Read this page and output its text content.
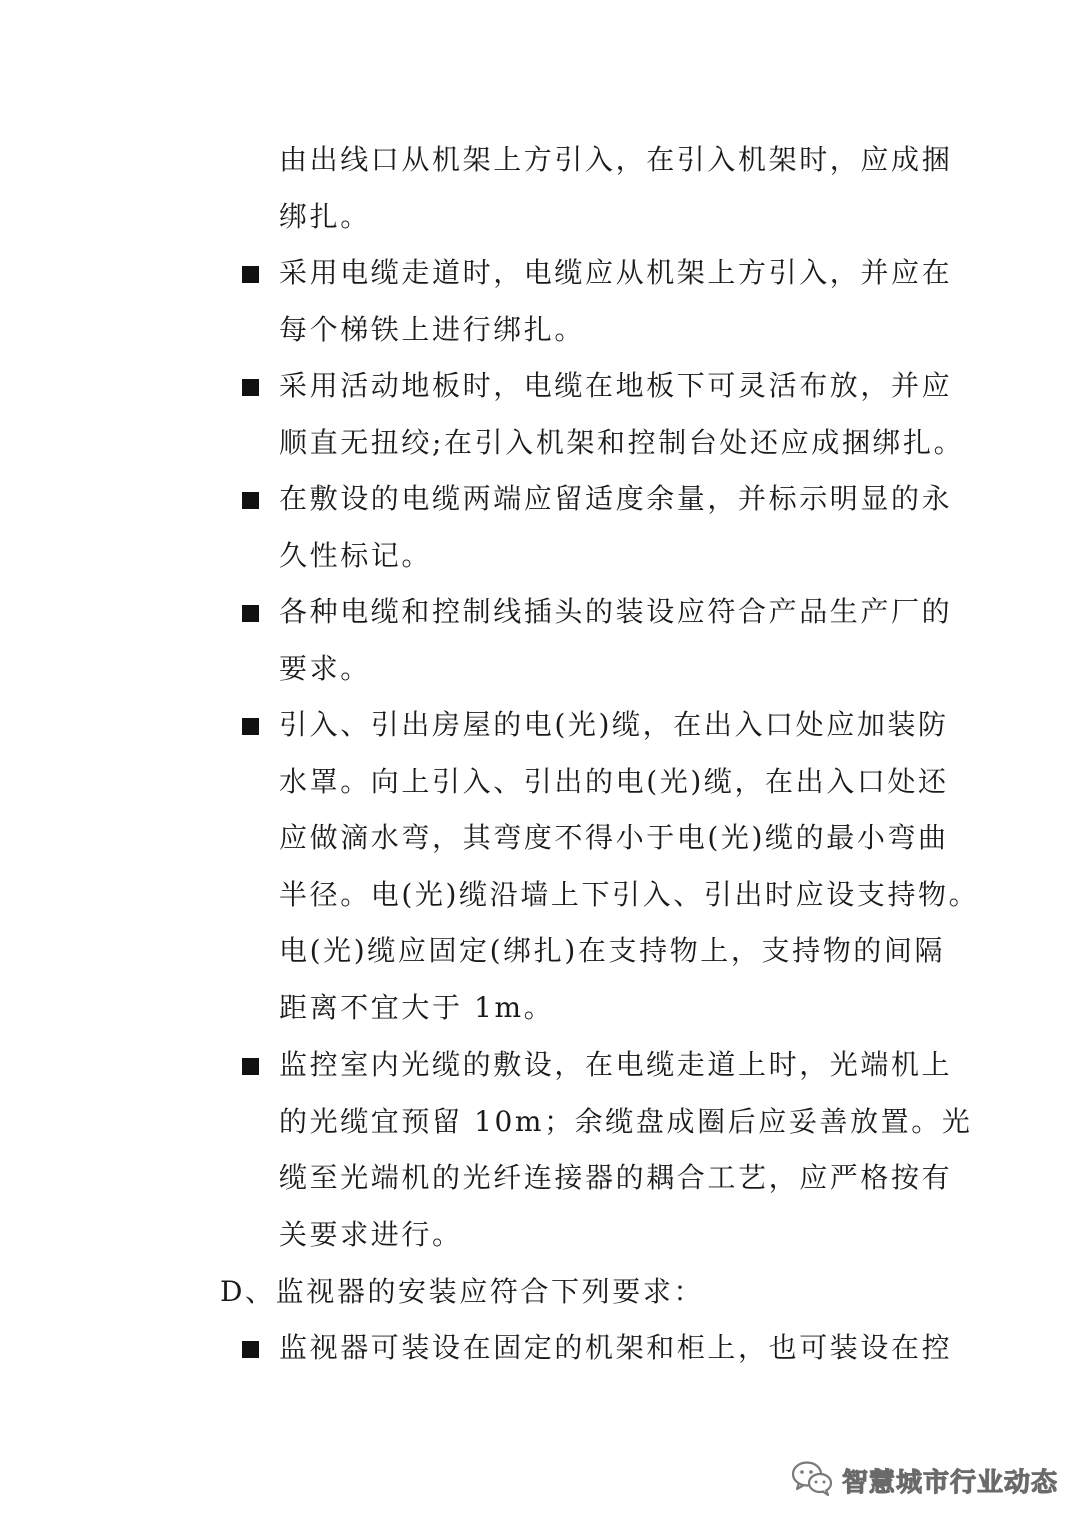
由出线口从机架上方引入，在引入机架时，应成捆
绑扎。
采用电缆走道时，电缆应从机架上方引入，并应在
每个梯铁上进行绑扎。
采用活动地板时，电缆在地板下可灵活布放，并应
顺直无扭绞;在引入机架和控制台处还应成捆绑扎。
在敷设的电缆两端应留适度余量，并标示明显的永
久性标记。
各种电缆和控制线插头的装设应符合产品生产厂的
要求。
引入、引出房屋的电(光)缆，在出入口处应加装防
水罩。向上引入、引出的电(光)缆，在出入口处还
应做滴水弯，其弯度不得小于电(光)缆的最小弯曲
半径。电(光)缆沿墙上下引入、引出时应设支持物。
电(光)缆应固定(绑扎)在支持物上，支持物的间隔
距离不宜大于 1m。
监控室内光缆的敷设，在电缆走道上时，光端机上
的光缆宜预留 10m；余缆盘成圈后应妥善放置。光
缆至光端机的光纤连接器的耦合工艺，应严格按有
关要求进行。
D、监视器的安装应符合下列要求：
监视器可装设在固定的机架和柜上，也可装设在控
智慧城市行业动态
